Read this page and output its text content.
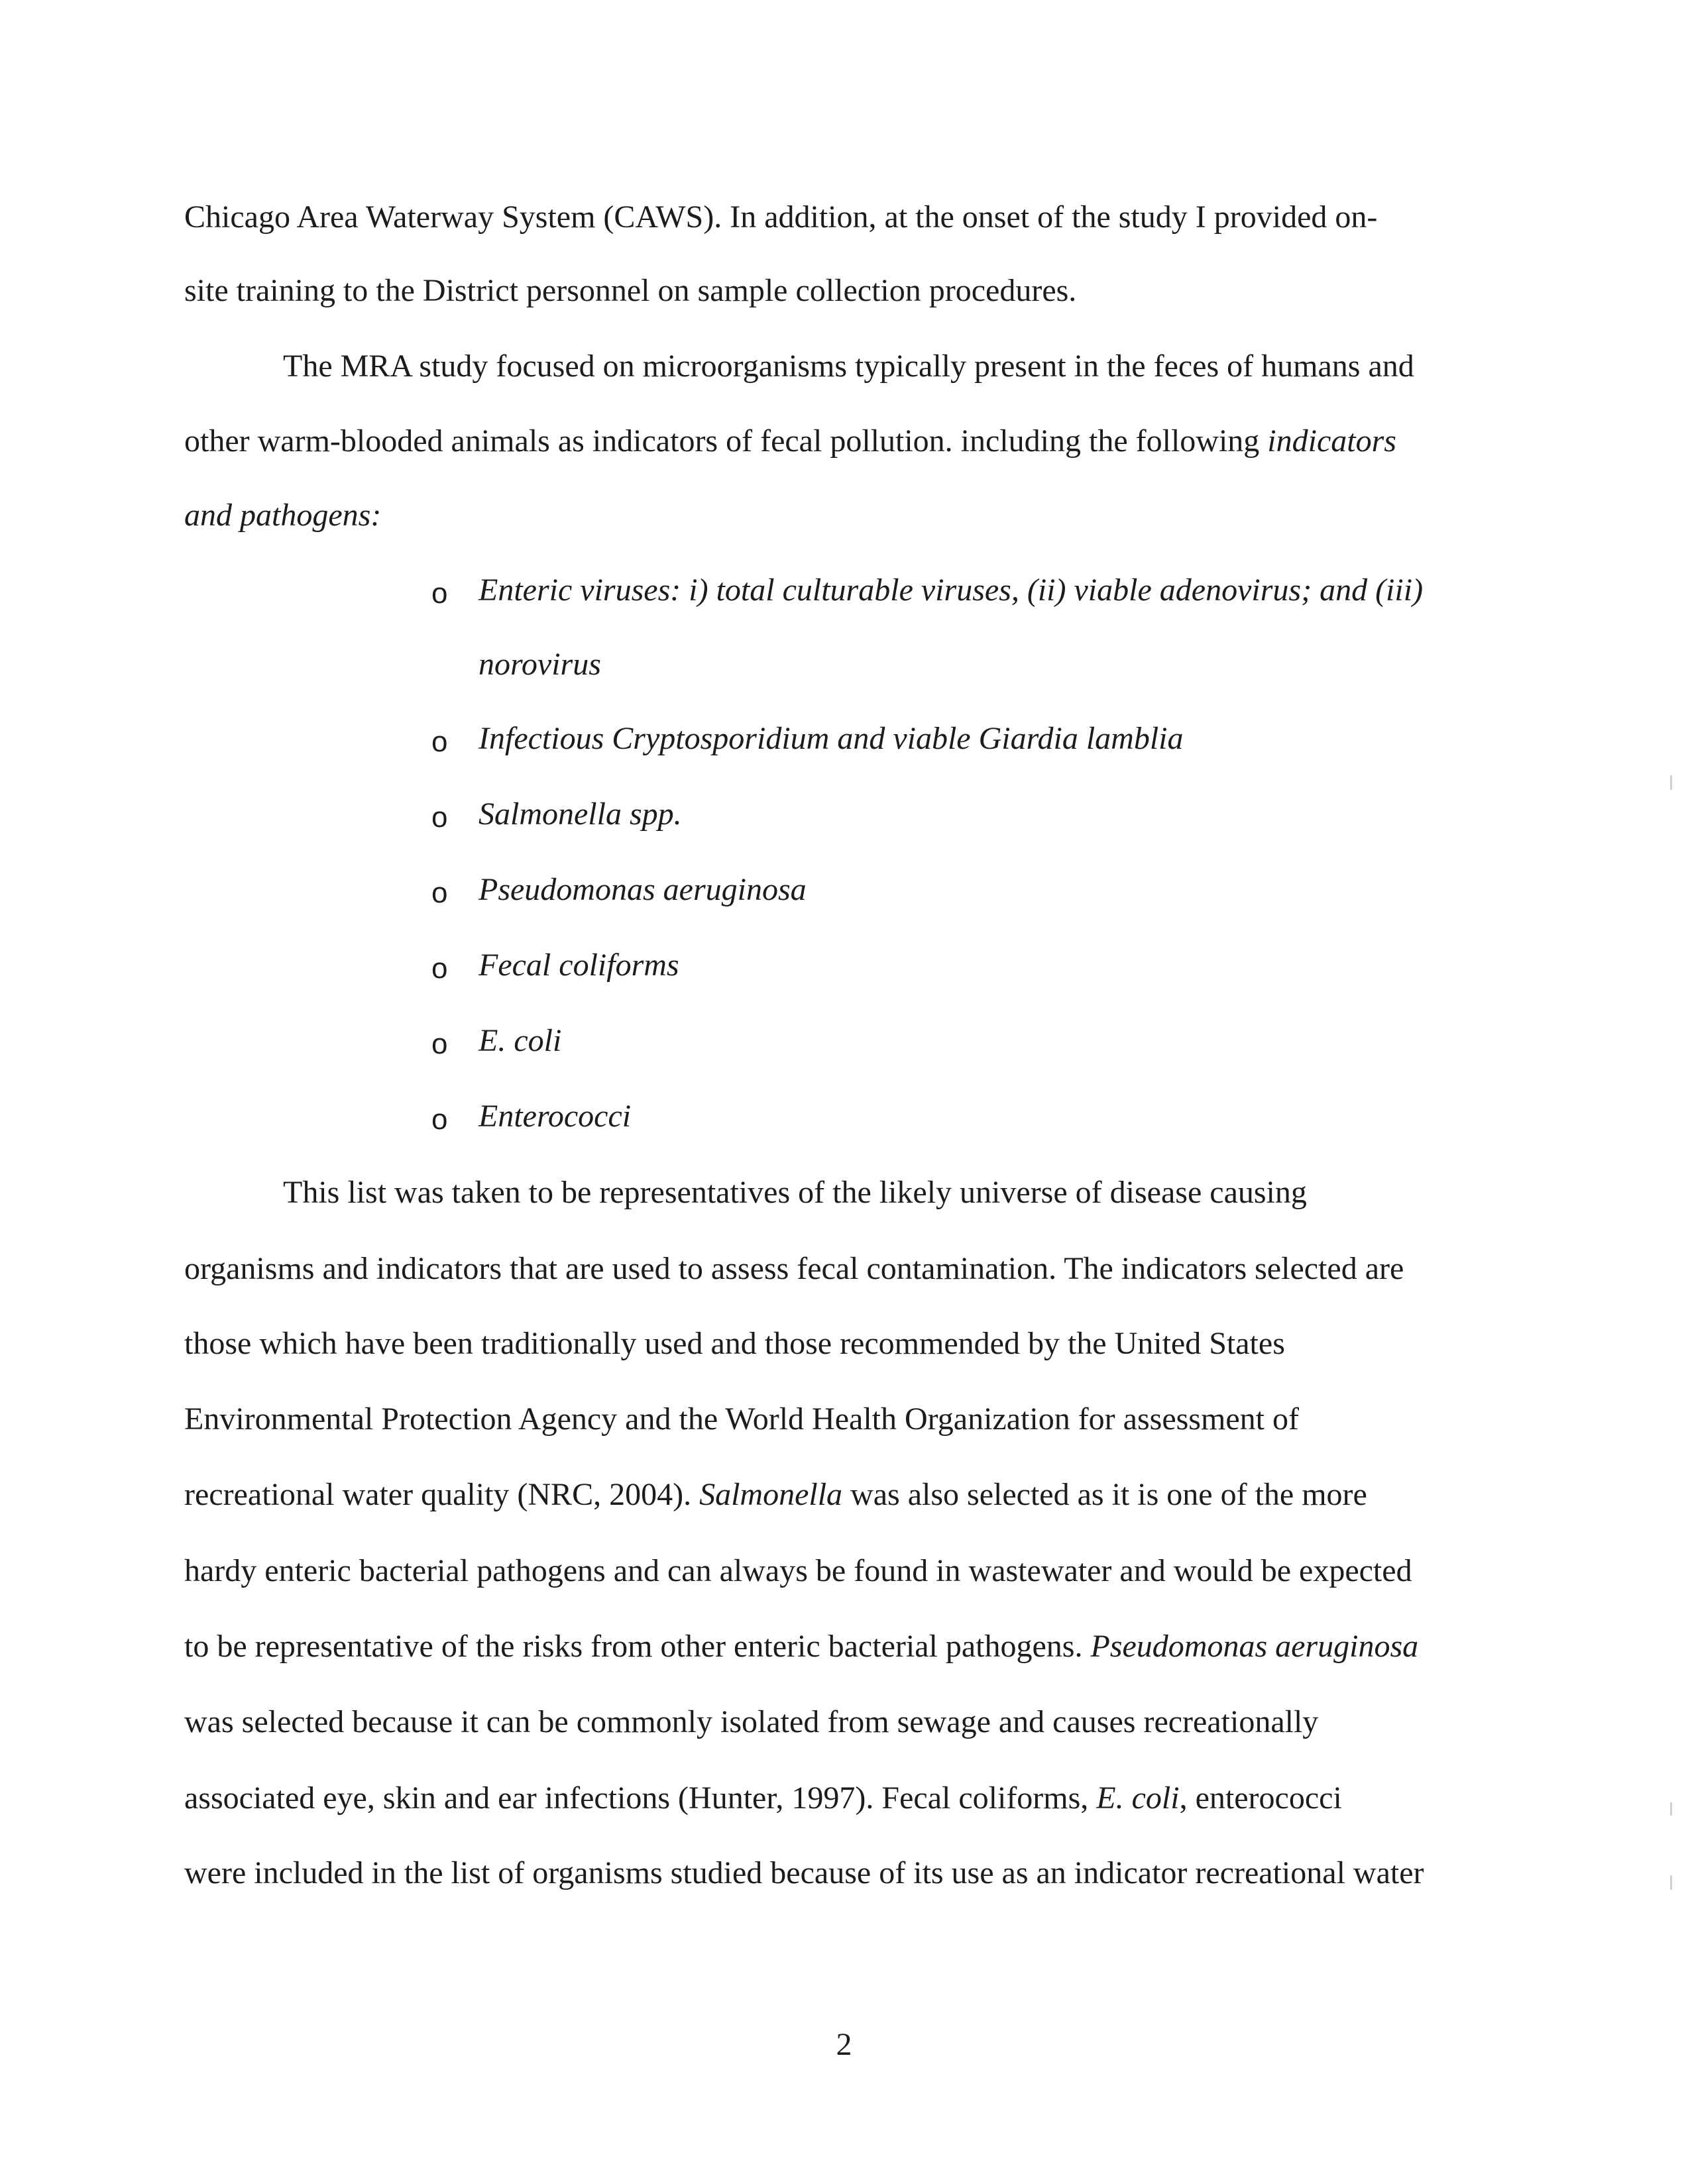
Chicago Area Waterway System (CAWS). In addition, at the onset of the study I provided on-
site training to the District personnel on sample collection procedures.
The MRA study focused on microorganisms typically present in the feces of humans and
other warm-blooded animals as indicators of fecal pollution. including the following indicators
and pathogens:
o Enteric viruses: i) total culturable viruses, (ii) viable adenovirus; and (iii)
norovirus
o Infectious Cryptosporidium and viable Giardia lamblia
o Salmonella spp.
o Pseudomonas aeruginosa
o Fecal coliforms
o E. coli
o Enterococci
This list was taken to be representatives of the likely universe of disease causing
organisms and indicators that are used to assess fecal contamination. The indicators selected are
those which have been traditionally used and those recommended by the United States
Environmental Protection Agency and the World Health Organization for assessment of
recreational water quality (NRC, 2004). Salmonella was also selected as it is one of the more
hardy enteric bacterial pathogens and can always be found in wastewater and would be expected
to be representative of the risks from other enteric bacterial pathogens. Pseudomonas aeruginosa
was selected because it can be commonly isolated from sewage and causes recreationally
associated eye, skin and ear infections (Hunter, 1997). Fecal coliforms, E. coli, enterococci
were included in the list of organisms studied because of its use as an indicator recreational water
2
